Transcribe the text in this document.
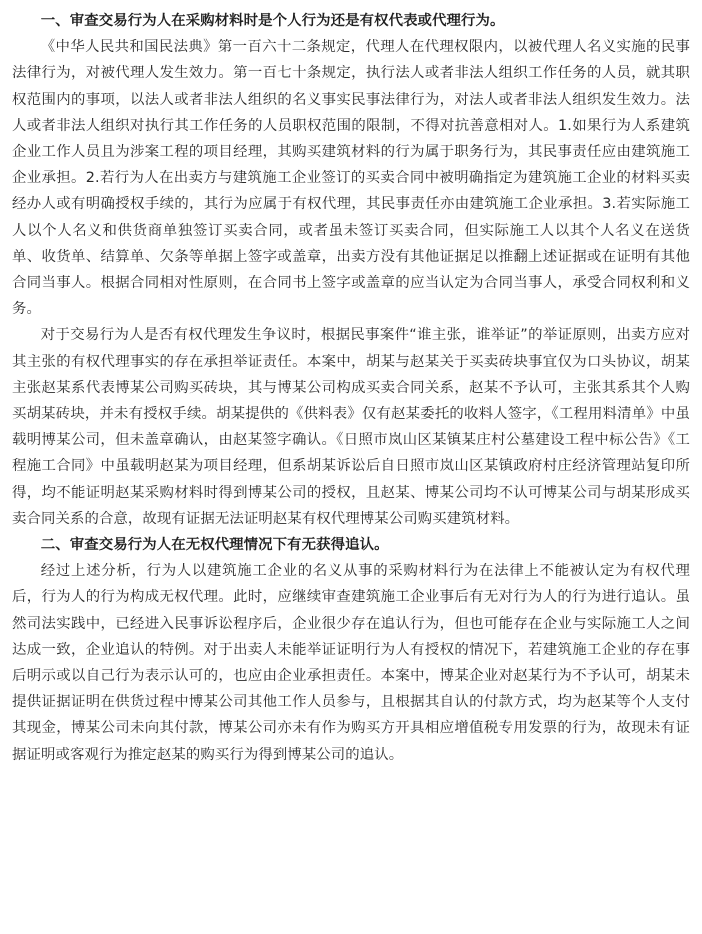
一、审查交易行为人在采购材料时是个人行为还是有权代表或代理行为。

《中华人民共和国民法典》第一百六十二条规定，代理人在代理权限内，以被代理人名义实施的民事法律行为，对被代理人发生效力。第一百七十条规定，执行法人或者非法人组织工作任务的人员，就其职权范围内的事项，以法人或者非法人组织的名义事实民事法律行为，对法人或者非法人组织发生效力。法人或者非法人组织对执行其工作任务的人员职权范围的限制，不得对抗善意相对人。1.如果行为人系建筑企业工作人员且为涉案工程的项目经理，其购买建筑材料的行为属于职务行为，其民事责任应由建筑施工企业承担。2.若行为人在出卖方与建筑施工企业签订的买卖合同中被明确指定为建筑施工企业的材料买卖经办人或有明确授权手续的，其行为应属于有权代理，其民事责任亦由建筑施工企业承担。3.若实际施工人以个人名义和供货商单独签订买卖合同，或者虽未签订买卖合同，但实际施工人以其个人名义在送货单、收货单、结算单、欠条等单据上签字或盖章，出卖方没有其他证据足以推翻上述证据或在证明有其他合同当事人。根据合同相对性原则，在合同书上签字或盖章的应当认定为合同当事人，承受合同权利和义务。

对于交易行为人是否有权代理发生争议时，根据民事案件“谁主张，谁举证”的举证原则，出卖方应对其主张的有权代理事实的存在承担举证责任。本案中，胡某与赵某关于买卖砖块事宜仅为口头协议，胡某主张赵某系代表博某公司购买砖块，其与博某公司构成买卖合同关系，赵某不予认可，主张其系其个人购买胡某砖块，并未有授权手续。胡某提供的《供料表》仅有赵某委托的收料人签字，《工程用料清单》中虽载明博某公司，但未盖章确认，由赵某签字确认。《日照市岚山区某镇某庄村公墓建设工程中标公告》《工程施工合同》中虽载明赵某为项目经理，但系胡某诉讼后自日照市岚山区某镇政府村庄经济管理站复印所得，均不能证明赵某采购材料时得到博某公司的授权，且赵某、博某公司均不认可博某公司与胡某形成买卖合同关系的合意，故现有证据无法证明赵某有权代理博某公司购买建筑材料。

二、审查交易行为人在无权代理情况下有无获得追认。

经过上述分析，行为人以建筑施工企业的名义从事的采购材料行为在法律上不能被认定为有权代理后，行为人的行为构成无权代理。此时，应继续审查建筑施工企业事后有无对行为人的行为进行追认。虽然司法实践中，已经进入民事诉讼程序后，企业很少存在追认行为，但也可能存在企业与实际施工人之间达成一致，企业追认的特例。对于出卖人未能举证证明行为人有授权的情况下，若建筑施工企业的存在事后明示或以自己行为表示认可的，也应由企业承担责任。本案中，博某企业对赵某行为不予认可，胡某未提供证据证明在供货过程中博某公司其他工作人员参与，且根据其自认的付款方式，均为赵某等个人支付其现金，博某公司未向其付款，博某公司亦未有作为购买方开具相应增值税专用发票的行为，故现未有证据证明或客观行为推定赵某的购买行为得到博某公司的追认。
